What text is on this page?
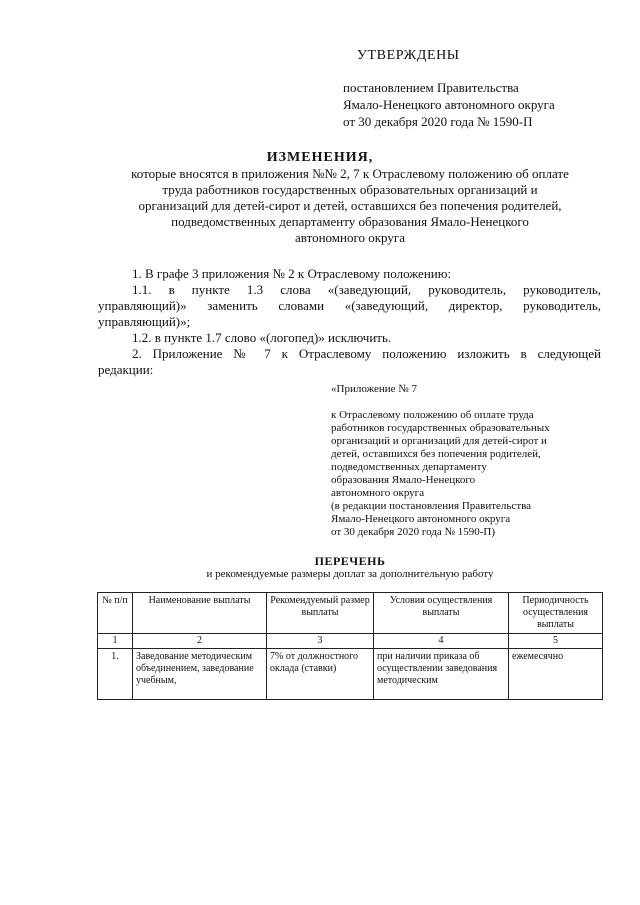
УТВЕРЖДЕНЫ
постановлением Правительства
Ямало-Ненецкого автономного округа
от 30 декабря 2020 года № 1590-П
ИЗМЕНЕНИЯ,
которые вносятся в приложения №№ 2, 7 к Отраслевому положению об оплате
труда работников государственных образовательных организаций и
организаций для детей-сирот и детей, оставшихся без попечения родителей,
подведомственных департаменту образования Ямало-Ненецкого
автономного округа

1. В графе 3 приложения № 2 к Отраслевому положению:

1.1. в пункте 1.3 слова «(заведующий, руководитель, руководитель,

управляющий)» заменить словами «(заведующий, директор, руководитель,

управляющий)»;

1.2. в пункте 1.7 слово «(логопед)» исключить.

2. Приложение № 7 к Отраслевому положению изложить в следующей

редакции:

«Приложение № 7
к Отраслевому положению об оплате труда
работников государственных образовательных
организаций и организаций для детей-сирот и
детей, оставшихся без попечения родителей,
подведомственных департаменту
образования Ямало-Ненецкого
автономного округа
(в редакции постановления Правительства
Ямало-Ненецкого автономного округа
от 30 декабря 2020 года № 1590-П)
ПЕРЕЧЕНЬ
и рекомендуемые размеры доплат за дополнительную работу
№ п/п	Наименование выплаты	Рекомендуемый размер выплаты	Условия осуществления выплаты	Периодичность осуществления выплаты
1	2	3	4	5
1.	Заведование методическим объединением, заведование учебным,	7% от должностного оклада (ставки)	при наличии приказа об осуществлении заведования методическим	ежемесячно
